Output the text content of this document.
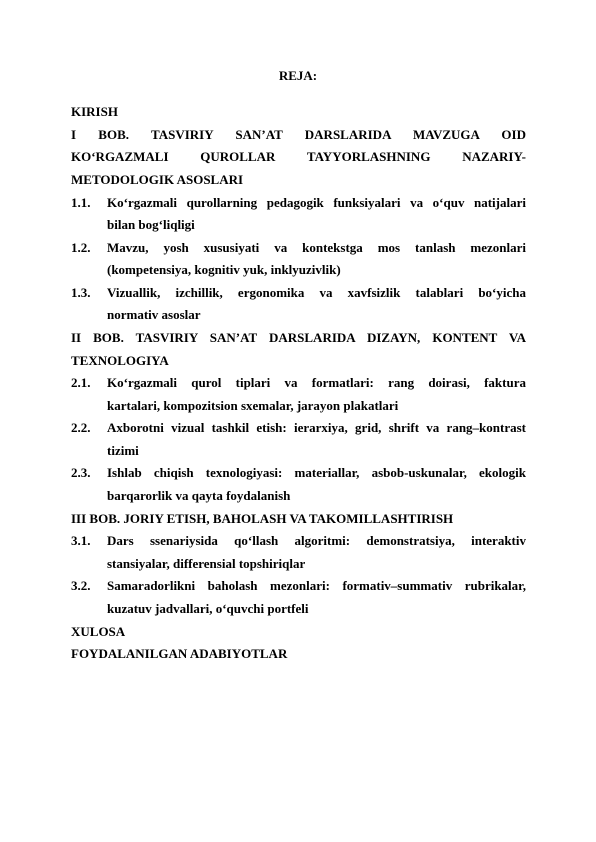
REJA:
KIRISH
I BOB. TASVIRIY SAN’AT DARSLARIDA MAVZUGA OID
KO‘RGAZMALI QUROLLAR TAYYORLASHNING NAZARIY-
METODOLOGIK ASOSLARI
1.1.	Ko‘rgazmali qurollarning pedagogik funksiyalari va o‘quv natijalari
bilan bog‘liqligi
1.2.	Mavzu, yosh xususiyati va kontekstga mos tanlash mezonlari
(kompetensiya, kognitiv yuk, inklyuzivlik)
1.3.	Vizuallik, izchillik, ergonomika va xavfsizlik talablari bo‘yicha
normativ asoslar
II BOB. TASVIRIY SAN’AT DARSLARIDA DIZAYN, KONTENT VA
TEXNOLOGIYA
2.1.	Ko‘rgazmali qurol tiplari va formatlari: rang doirasi, faktura
kartalari, kompozitsion sxemalar, jarayon plakatlari
2.2.	Axborotni vizual tashkil etish: ierarxiya, grid, shrift va rang–kontrast
tizimi
2.3.	Ishlab chiqish texnologiyasi: materiallar, asbob-uskunalar, ekologik
barqarorlik va qayta foydalanish
III BOB. JORIY ETISH, BAHOLASH VA TAKOMILLASHTIRISH
3.1.	Dars ssenariysida qo‘llash algoritmi: demonstratsiya, interaktiv
stansiyalar, differensial topshiriqlar
3.2.	Samaradorlikni baholash mezonlari: formativ–summativ rubrikalar,
kuzatuv jadvallari, o‘quvchi portfeli
XULOSA
FOYDALANILGAN ADABIYOTLAR
